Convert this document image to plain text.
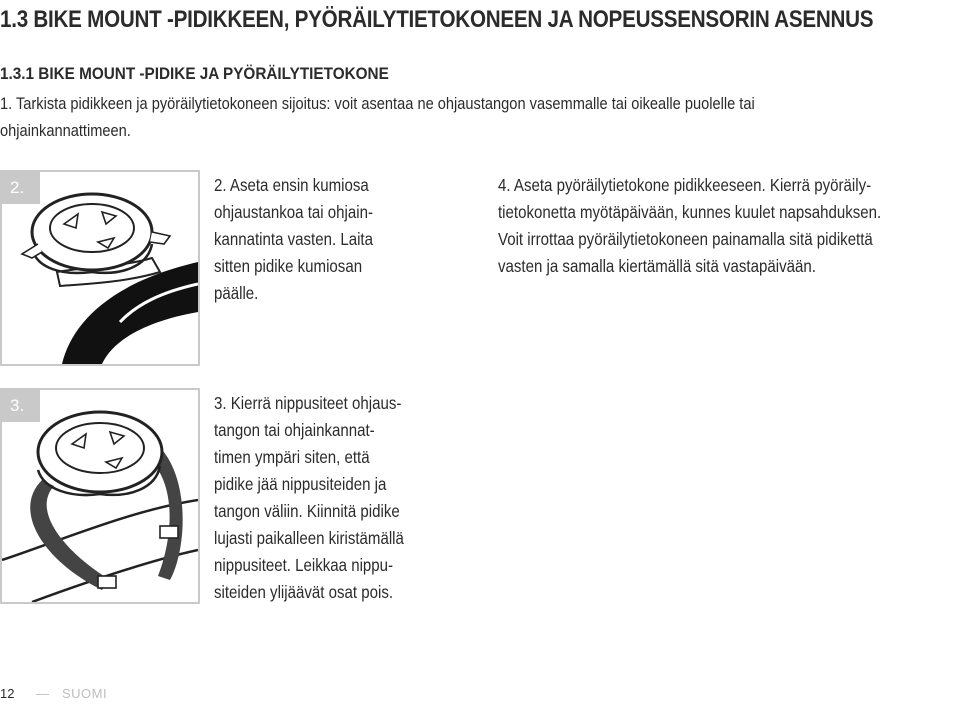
1.3 BIKE MOUNT -PIDIKKEEN, PYÖRÄILYTIETOKONEEN JA NOPEUSSENSORIN ASENNUS
1.3.1 BIKE MOUNT -PIDIKE JA PYÖRÄILYTIETOKONE
1. Tarkista pidikkeen ja pyöräilytietokoneen sijoitus: voit asentaa ne ohjaustangon vasemmalle tai oikealle puolelle tai
ohjainkannattimeen.
2.	2. Aseta ensin kumiosa

ohjaustankoa tai ohjain-

kannatinta vasten. Laita

sitten pidike kumiosan

päälle.

4. Aseta pyöräilytietokone pidikkeeseen. Kierrä pyöräily-

tietokonetta myötäpäivään, kunnes kuulet napsahduksen.

Voit irrottaa pyöräilytietokoneen painamalla sitä pidikettä

vasten ja samalla kiertämällä sitä vastapäivään.

3.	3. Kierrä nippusiteet ohjaus-

tangon tai ohjainkannat-

timen ympäri siten, että

pidike jää nippusiteiden ja

tangon väliin. Kiinnitä pidike

lujasti paikalleen kiristämällä

nippusiteet. Leikkaa nippu-

siteiden ylijäävät osat pois.

12 — SUOMI
